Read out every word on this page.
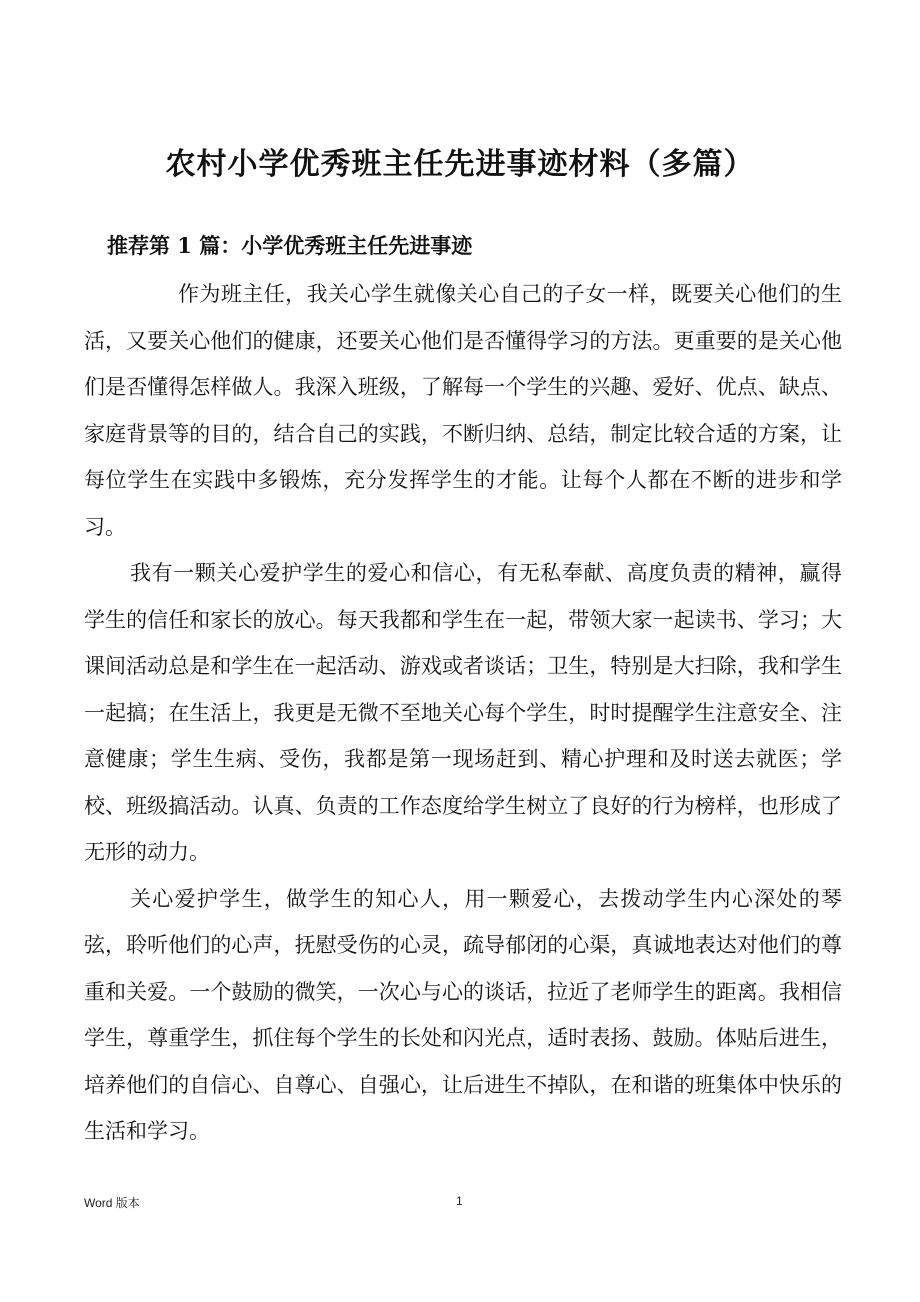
农村小学优秀班主任先进事迹材料（多篇）
推荐第 1 篇：小学优秀班主任先进事迹

作为班主任，我关心学生就像关心自己的子女一样，既要关心他们的生活，又要关心他们的健康，还要关心他们是否懂得学习的方法。更重要的是关心他们是否懂得怎样做人。我深入班级，了解每一个学生的兴趣、爱好、优点、缺点、家庭背景等的目的，结合自己的实践，不断归纳、总结，制定比较合适的方案，让每位学生在实践中多锻炼，充分发挥学生的才能。让每个人都在不断的进步和学习。

我有一颗关心爱护学生的爱心和信心，有无私奉献、高度负责的精神，赢得学生的信任和家长的放心。每天我都和学生在一起，带领大家一起读书、学习；大课间活动总是和学生在一起活动、游戏或者谈话；卫生，特别是大扫除，我和学生一起搞；在生活上，我更是无微不至地关心每个学生，时时提醒学生注意安全、注意健康；学生生病、受伤，我都是第一现场赶到、精心护理和及时送去就医；学校、班级搞活动。认真、负责的工作态度给学生树立了良好的行为榜样，也形成了无形的动力。

关心爱护学生，做学生的知心人，用一颗爱心，去拨动学生内心深处的琴弦，聆听他们的心声，抚慰受伤的心灵，疏导郁闭的心渠，真诚地表达对他们的尊重和关爱。一个鼓励的微笑，一次心与心的谈话，拉近了老师学生的距离。我相信学生，尊重学生，抓住每个学生的长处和闪光点，适时表扬、鼓励。体贴后进生，培养他们的自信心、自尊心、自强心，让后进生不掉队，在和谐的班集体中快乐的生活和学习。

Word 版本	1
